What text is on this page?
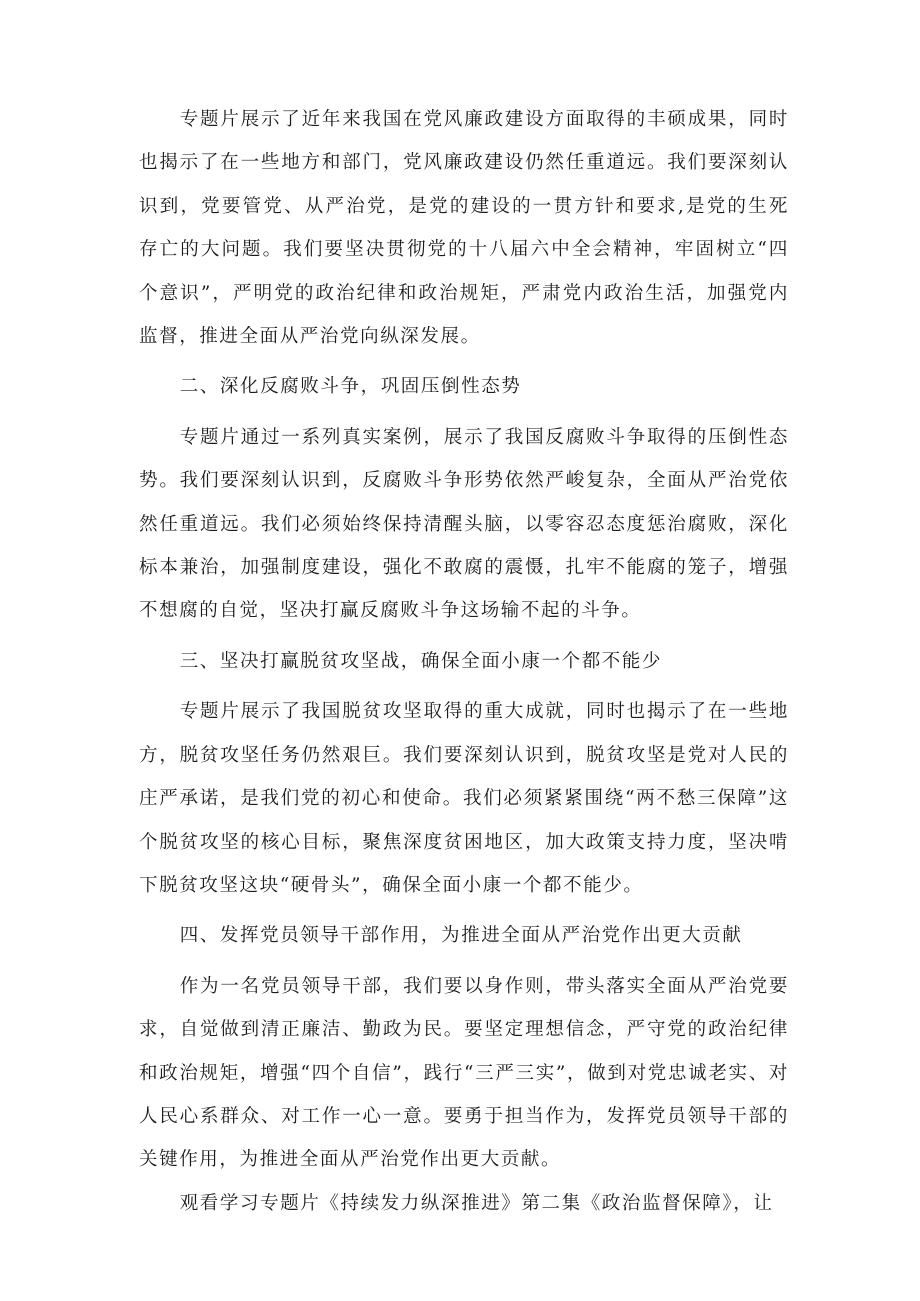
专题片展示了近年来我国在党风廉政建设方面取得的丰硕成果，同时也揭示了在一些地方和部门，党风廉政建设仍然任重道远。我们要深刻认识到，党要管党、从严治党，是党的建设的一贯方针和要求,是党的生死存亡的大问题。我们要坚决贯彻党的十八届六中全会精神，牢固树立“四个意识”，严明党的政治纪律和政治规矩，严肃党内政治生活，加强党内监督，推进全面从严治党向纵深发展。

二、深化反腐败斗争，巩固压倒性态势

专题片通过一系列真实案例，展示了我国反腐败斗争取得的压倒性态势。我们要深刻认识到，反腐败斗争形势依然严峻复杂，全面从严治党依然任重道远。我们必须始终保持清醒头脑，以零容忍态度惩治腐败，深化标本兼治，加强制度建设，强化不敢腐的震慑，扎牢不能腐的笼子，增强不想腐的自觉，坚决打赢反腐败斗争这场输不起的斗争。

三、坚决打赢脱贫攻坚战，确保全面小康一个都不能少

专题片展示了我国脱贫攻坚取得的重大成就，同时也揭示了在一些地方，脱贫攻坚任务仍然艰巨。我们要深刻认识到，脱贫攻坚是党对人民的庄严承诺，是我们党的初心和使命。我们必须紧紧围绕“两不愁三保障”这个脱贫攻坚的核心目标，聚焦深度贫困地区，加大政策支持力度，坚决啃下脱贫攻坚这块“硬骨头”，确保全面小康一个都不能少。

四、发挥党员领导干部作用，为推进全面从严治党作出更大贡献

作为一名党员领导干部，我们要以身作则，带头落实全面从严治党要求，自觉做到清正廉洁、勤政为民。要坚定理想信念，严守党的政治纪律和政治规矩，增强“四个自信”，践行“三严三实”，做到对党忠诚老实、对人民心系群众、对工作一心一意。要勇于担当作为，发挥党员领导干部的关键作用，为推进全面从严治党作出更大贡献。

观看学习专题片《持续发力纵深推进》第二集《政治监督保障》，让
